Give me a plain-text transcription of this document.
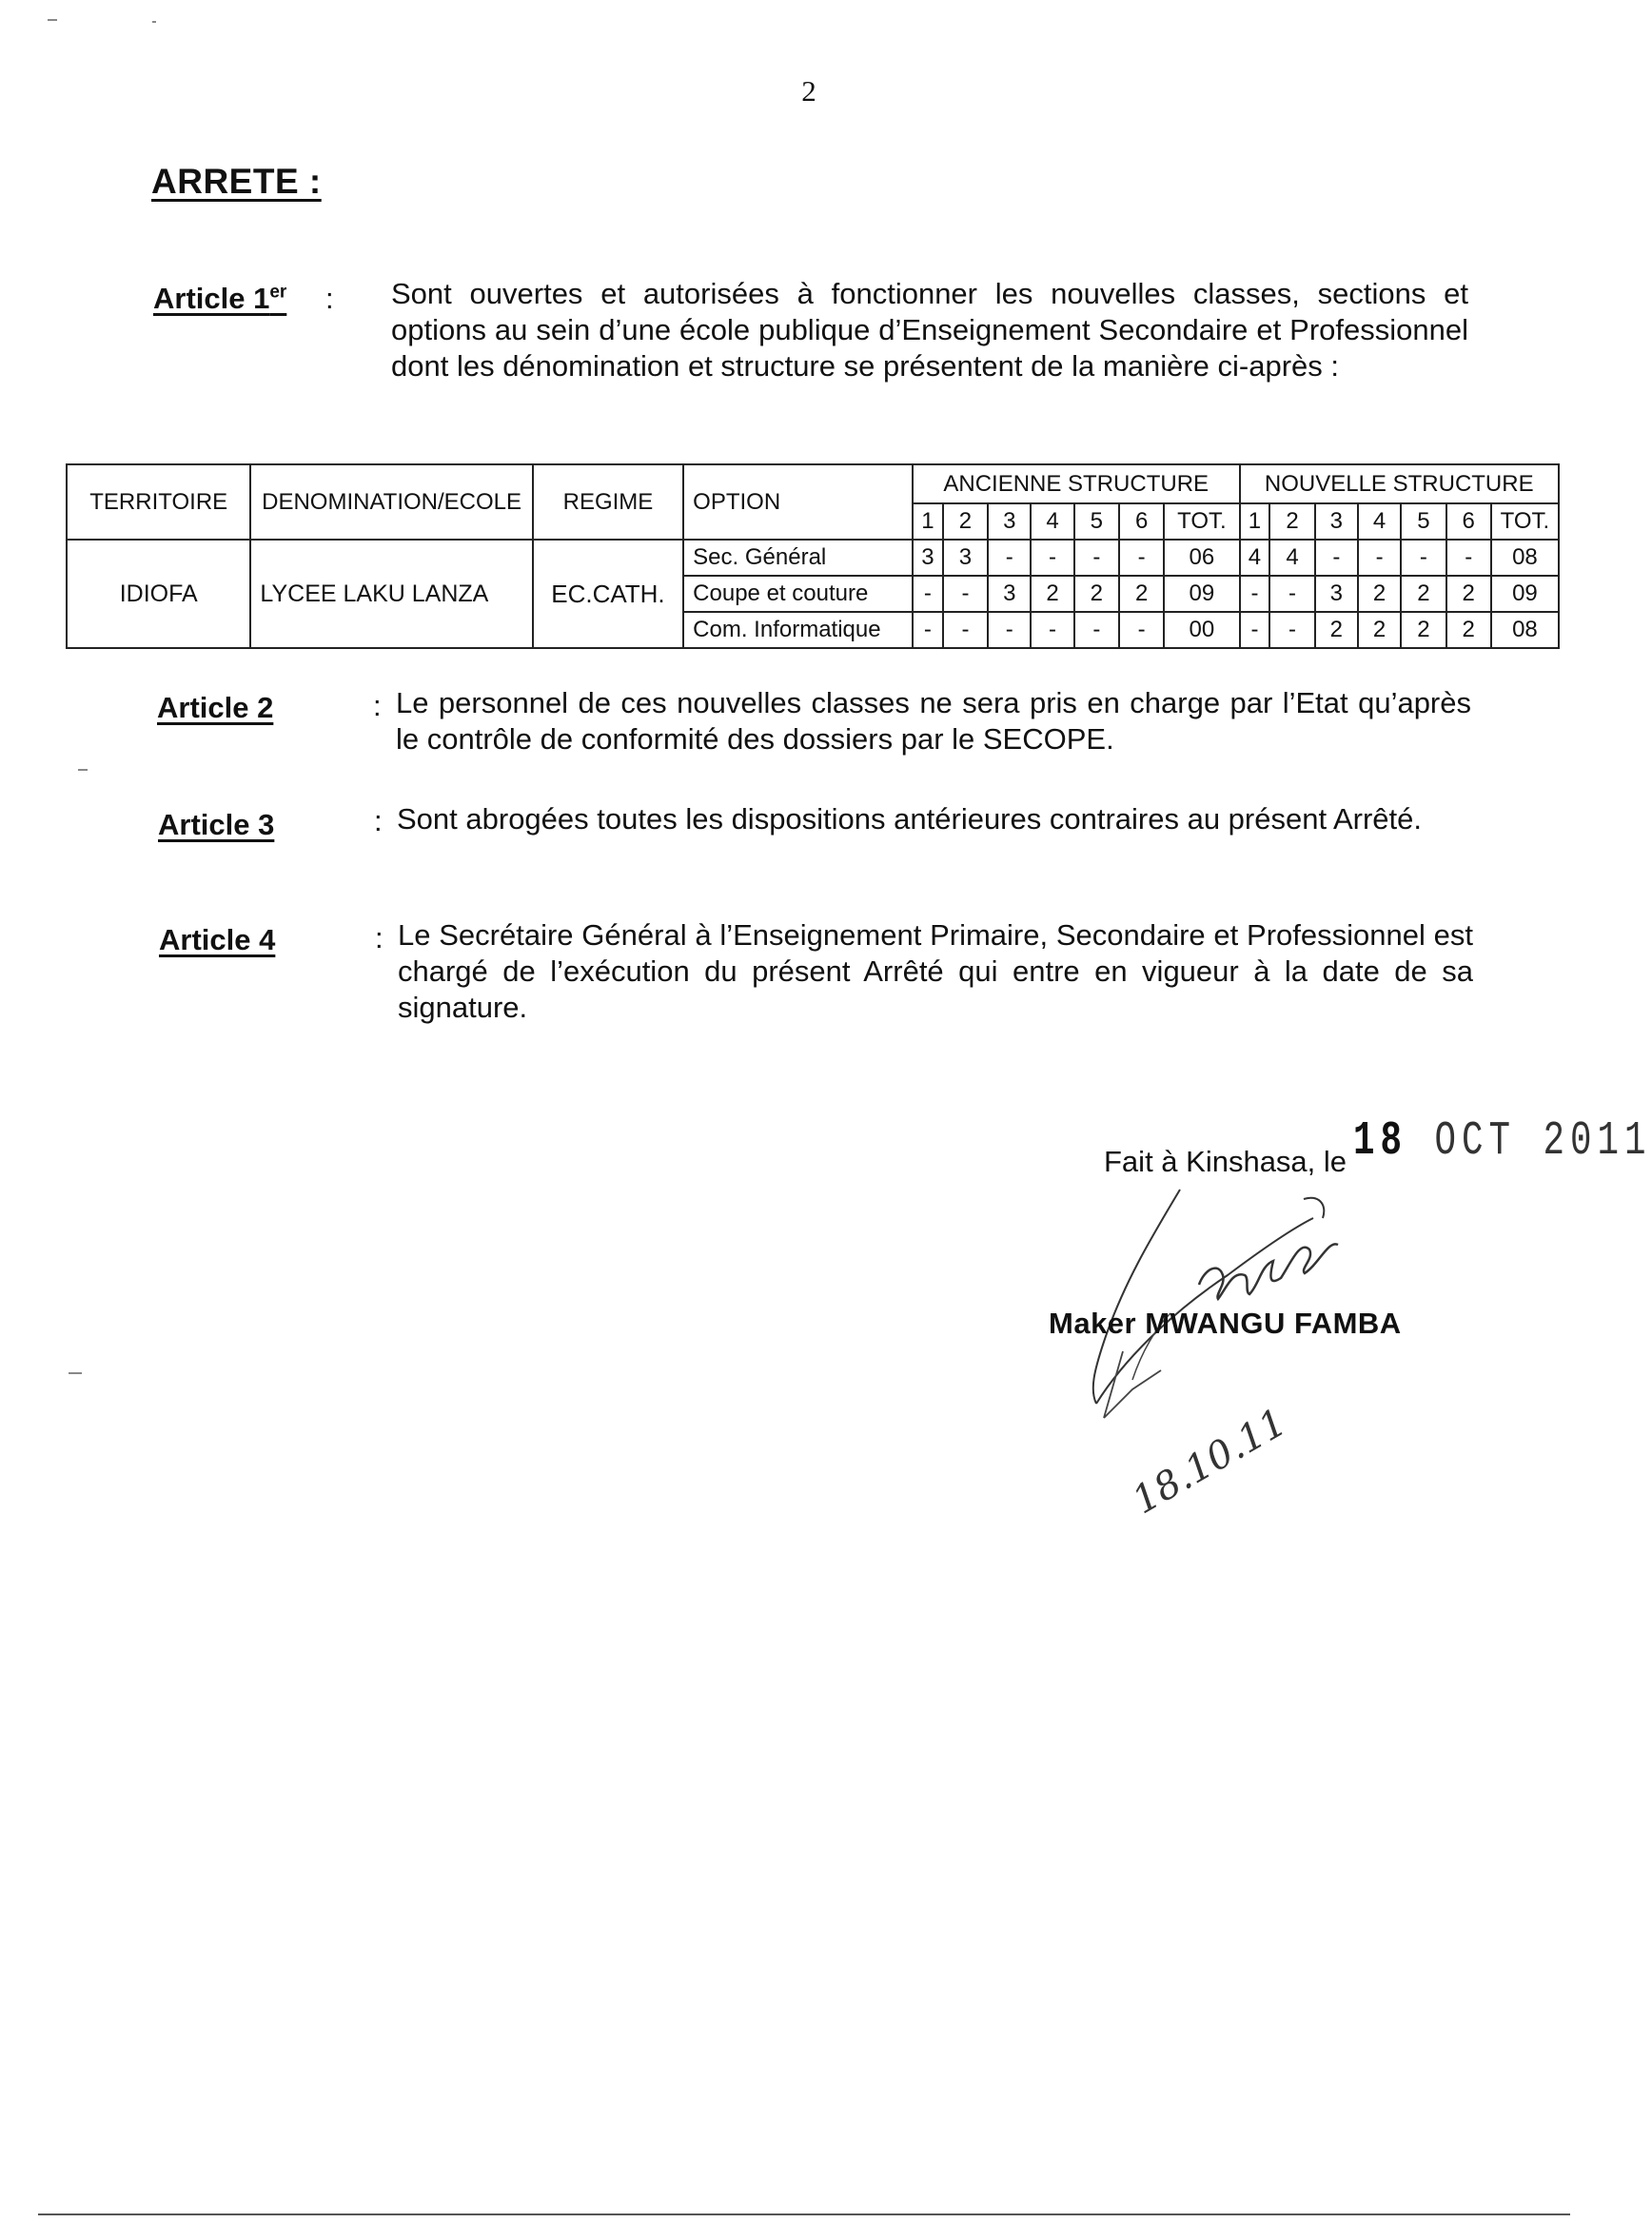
2
ARRETE :
Article 1er : Sont ouvertes et autorisées à fonctionner les nouvelles classes, sections et options au sein d’une école publique d’Enseignement Secondaire et Professionnel dont les dénomination et structure se présentent de la manière ci-après :
TERRITOIRE	DENOMINATION/ECOLE	REGIME	OPTION	ANCIENNE STRUCTURE							NOUVELLE STRUCTURE						
				1	2	3	4	5	6	TOT.	1	2	3	4	5	6	TOT.
IDIOFA	LYCEE LAKU LANZA	EC.CATH.	Sec. Général	3	3	-	-	-	-	06	4	4	-	-	-	-	08
			Coupe et couture	-	-	3	2	2	2	09	-	-	3	2	2	2	09
			Com. Informatique	-	-	-	-	-	-	00	-	-	2	2	2	2	08
Article 2	: Le personnel de ces nouvelles classes ne sera pris en charge par l’Etat qu’après le contrôle de conformité des dossiers par le SECOPE.
Article 3	: Sont abrogées toutes les dispositions antérieures contraires au présent Arrêté.
Article 4	: Le Secrétaire Général à l’Enseignement Primaire, Secondaire et Professionnel est chargé de l’exécution du présent Arrêté qui entre en vigueur à la date de sa signature.
Fait à Kinshasa, le 18 OCT 2011
18.10.11
Maker MWANGU FAMBA
